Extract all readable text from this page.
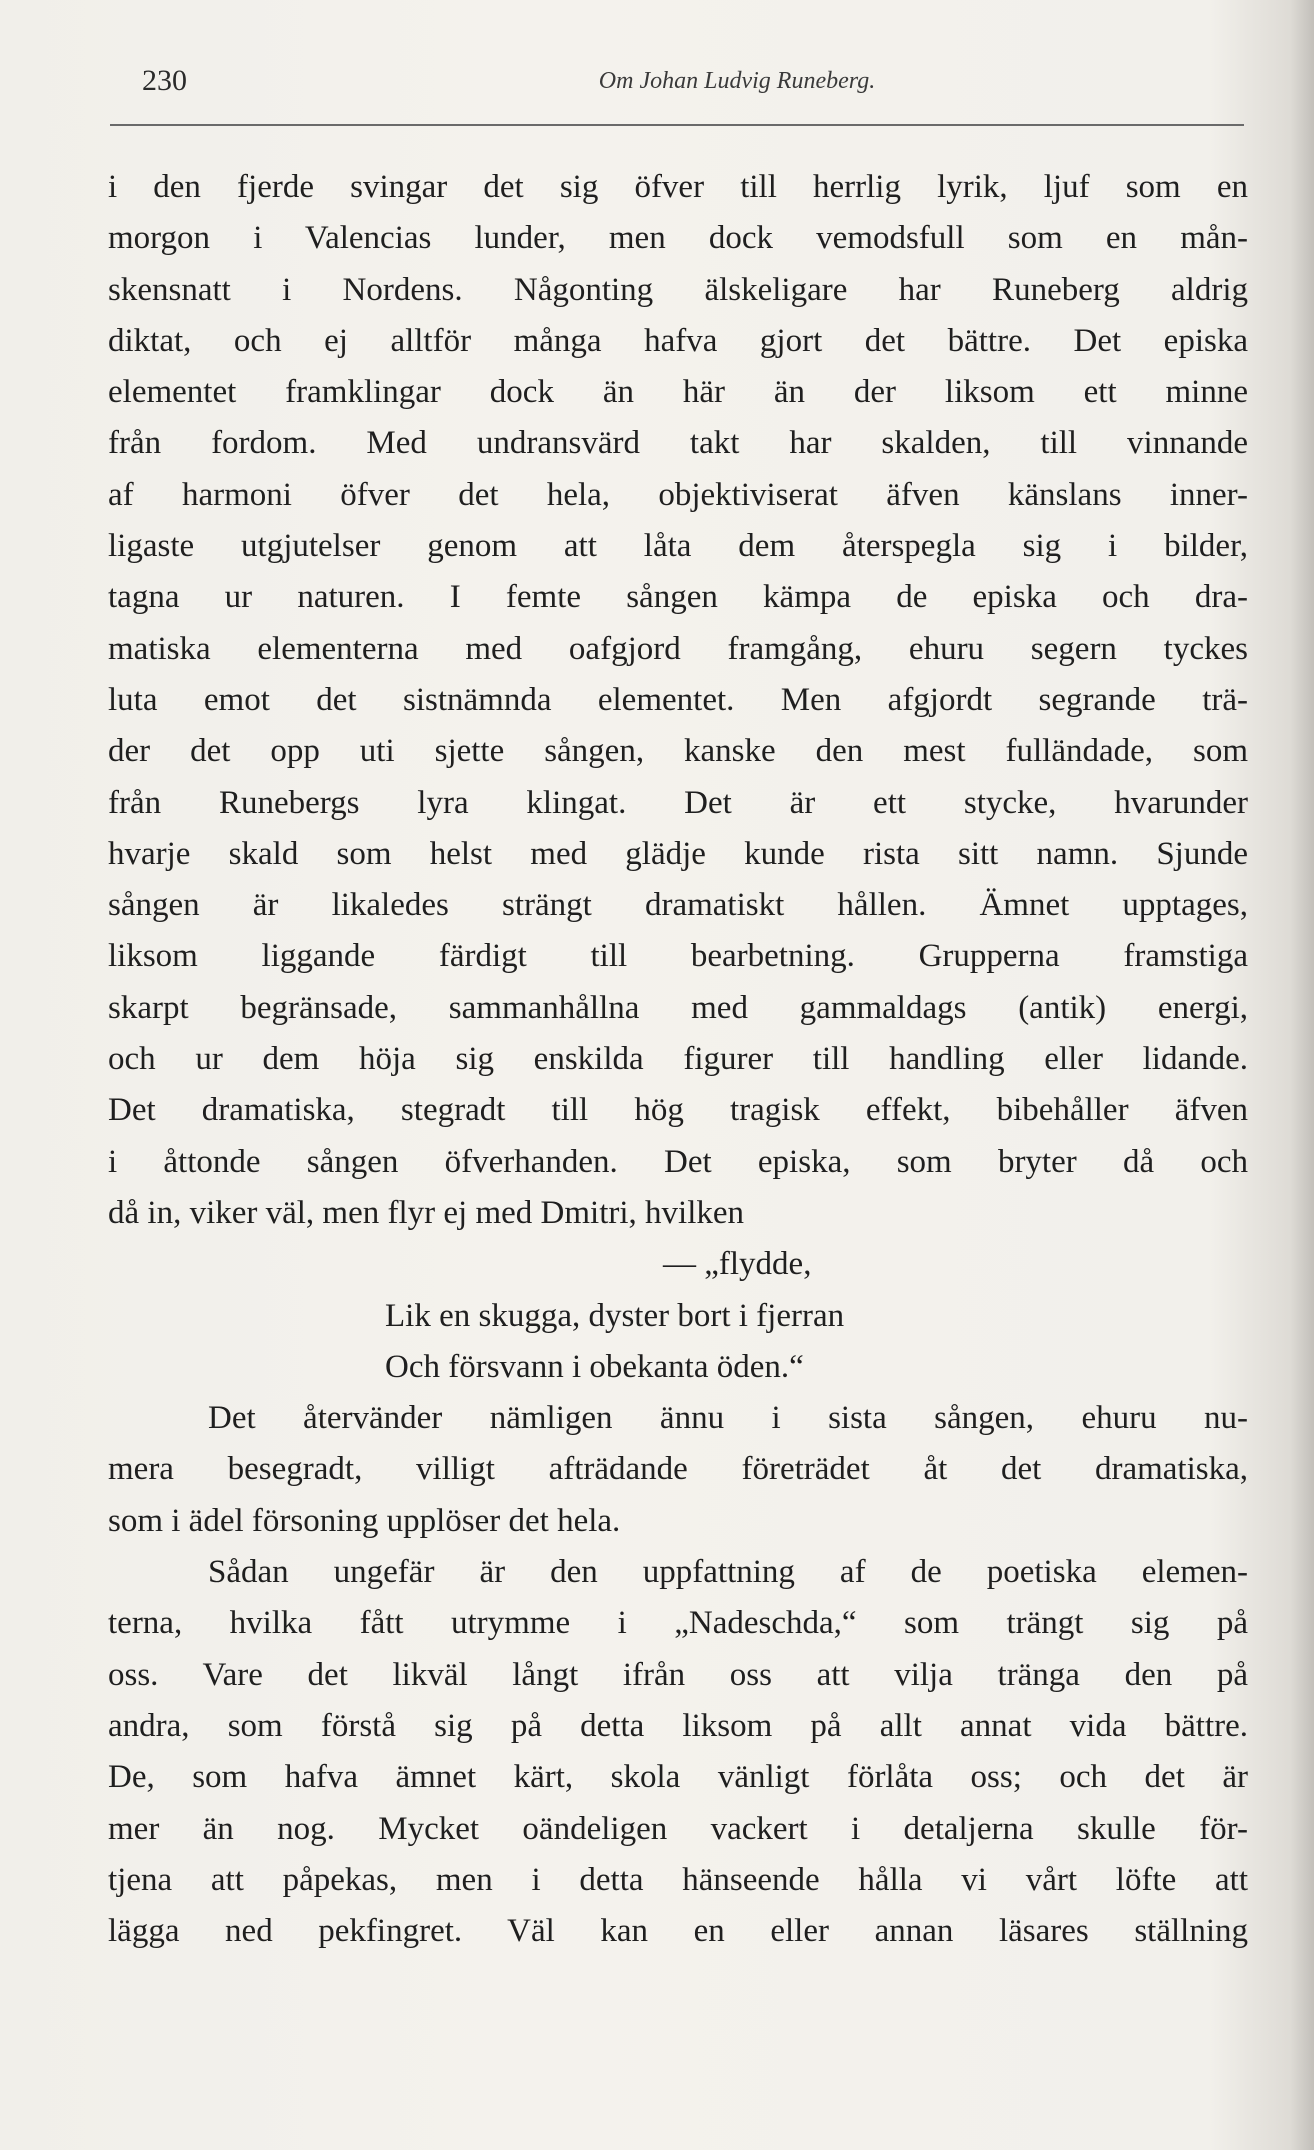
230	Om Johan Ludvig Runeberg.
i den fjerde svingar det sig öfver till herrlig lyrik, ljuf som en
morgon i Valencias lunder, men dock vemodsfull som en mån-
skensnatt i Nordens. Någonting älskeligare har Runeberg aldrig
diktat, och ej alltför många hafva gjort det bättre. Det episka
elementet framklingar dock än här än der liksom ett minne
från fordom. Med undransvärd takt har skalden, till vinnande
af harmoni öfver det hela, objektiviserat äfven känslans inner-
ligaste utgjutelser genom att låta dem återspegla sig i bilder,
tagna ur naturen. I femte sången kämpa de episka och dra-
matiska elementerna med oafgjord framgång, ehuru segern tyckes
luta emot det sistnämnda elementet. Men afgjordt segrande trä-
der det opp uti sjette sången, kanske den mest fulländade, som
från Runebergs lyra klingat. Det är ett stycke, hvarunder
hvarje skald som helst med glädje kunde rista sitt namn. Sjunde
sången är likaledes strängt dramatiskt hållen. Ämnet upptages,
liksom liggande färdigt till bearbetning. Grupperna framstiga
skarpt begränsade, sammanhållna med gammaldags (antik) energi,
och ur dem höja sig enskilda figurer till handling eller lidande.
Det dramatiska, stegradt till hög tragisk effekt, bibehåller äfven
i åttonde sången öfverhanden. Det episka, som bryter då och
då in, viker väl, men flyr ej med Dmitri, hvilken
— „flydde,
Lik en skugga, dyster bort i fjerran
Och försvann i obekanta öden.“
Det återvänder nämligen ännu i sista sången, ehuru nu-
mera besegradt, villigt afträdande företrädet åt det dramatiska,
som i ädel försoning upplöser det hela.
Sådan ungefär är den uppfattning af de poetiska elemen-
terna, hvilka fått utrymme i „Nadeschda,“ som trängt sig på
oss. Vare det likväl långt ifrån oss att vilja tränga den på
andra, som förstå sig på detta liksom på allt annat vida bättre.
De, som hafva ämnet kärt, skola vänligt förlåta oss; och det är
mer än nog. Mycket oändeligen vackert i detaljerna skulle för-
tjena att påpekas, men i detta hänseende hålla vi vårt löfte att
lägga ned pekfingret. Väl kan en eller annan läsares ställning
